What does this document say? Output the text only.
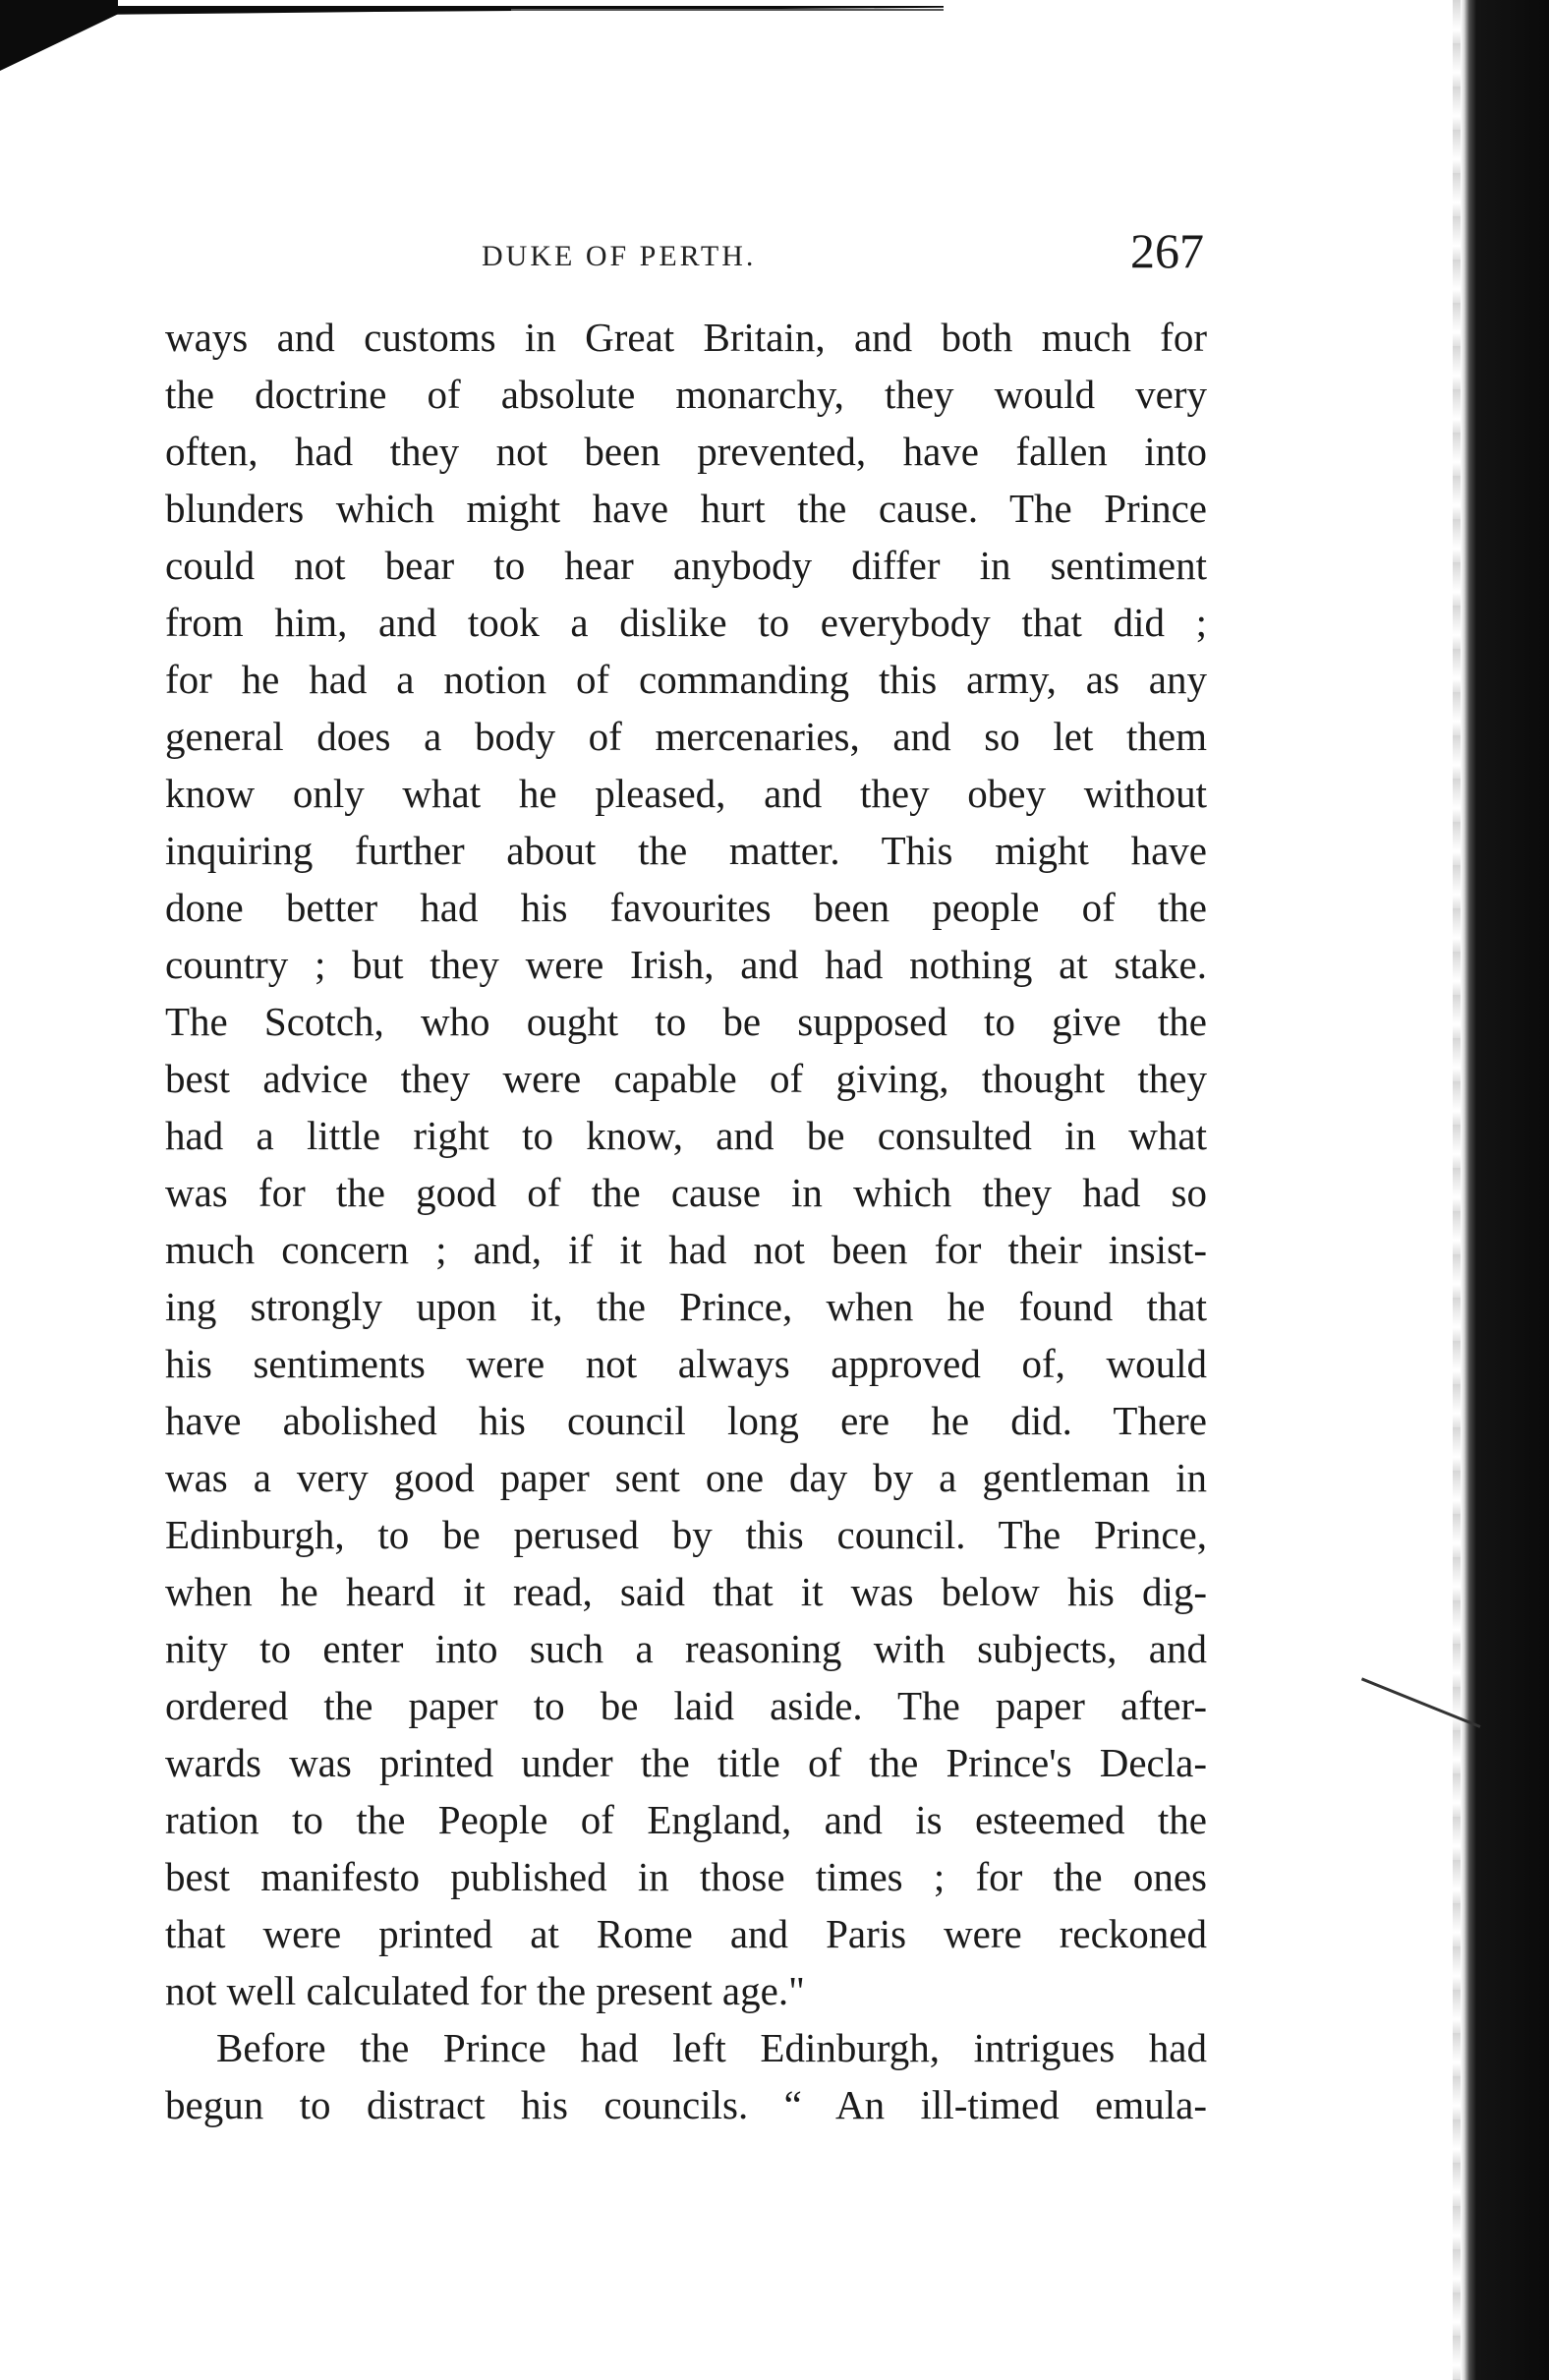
DUKE OF PERTH.	267
ways and customs in Great Britain, and both much for
the doctrine of absolute monarchy, they would very
often, had they not been prevented, have fallen into
blunders which might have hurt the cause. The Prince
could not bear to hear anybody differ in sentiment
from him, and took a dislike to everybody that did ;
for he had a notion of commanding this army, as any
general does a body of mercenaries, and so let them
know only what he pleased, and they obey without
inquiring further about the matter. This might have
done better had his favourites been people of the
country ; but they were Irish, and had nothing at stake.
The Scotch, who ought to be supposed to give the
best advice they were capable of giving, thought they
had a little right to know, and be consulted in what
was for the good of the cause in which they had so
much concern ; and, if it had not been for their insist-
ing strongly upon it, the Prince, when he found that
his sentiments were not always approved of, would
have abolished his council long ere he did. There
was a very good paper sent one day by a gentleman in
Edinburgh, to be perused by this council. The Prince,
when he heard it read, said that it was below his dig-
nity to enter into such a reasoning with subjects, and
ordered the paper to be laid aside. The paper after-
wards was printed under the title of the Prince's Decla-
ration to the People of England, and is esteemed the
best manifesto published in those times ; for the ones
that were printed at Rome and Paris were reckoned
not well calculated for the present age."
Before the Prince had left Edinburgh, intrigues had
begun to distract his councils. “ An ill-timed emula-
